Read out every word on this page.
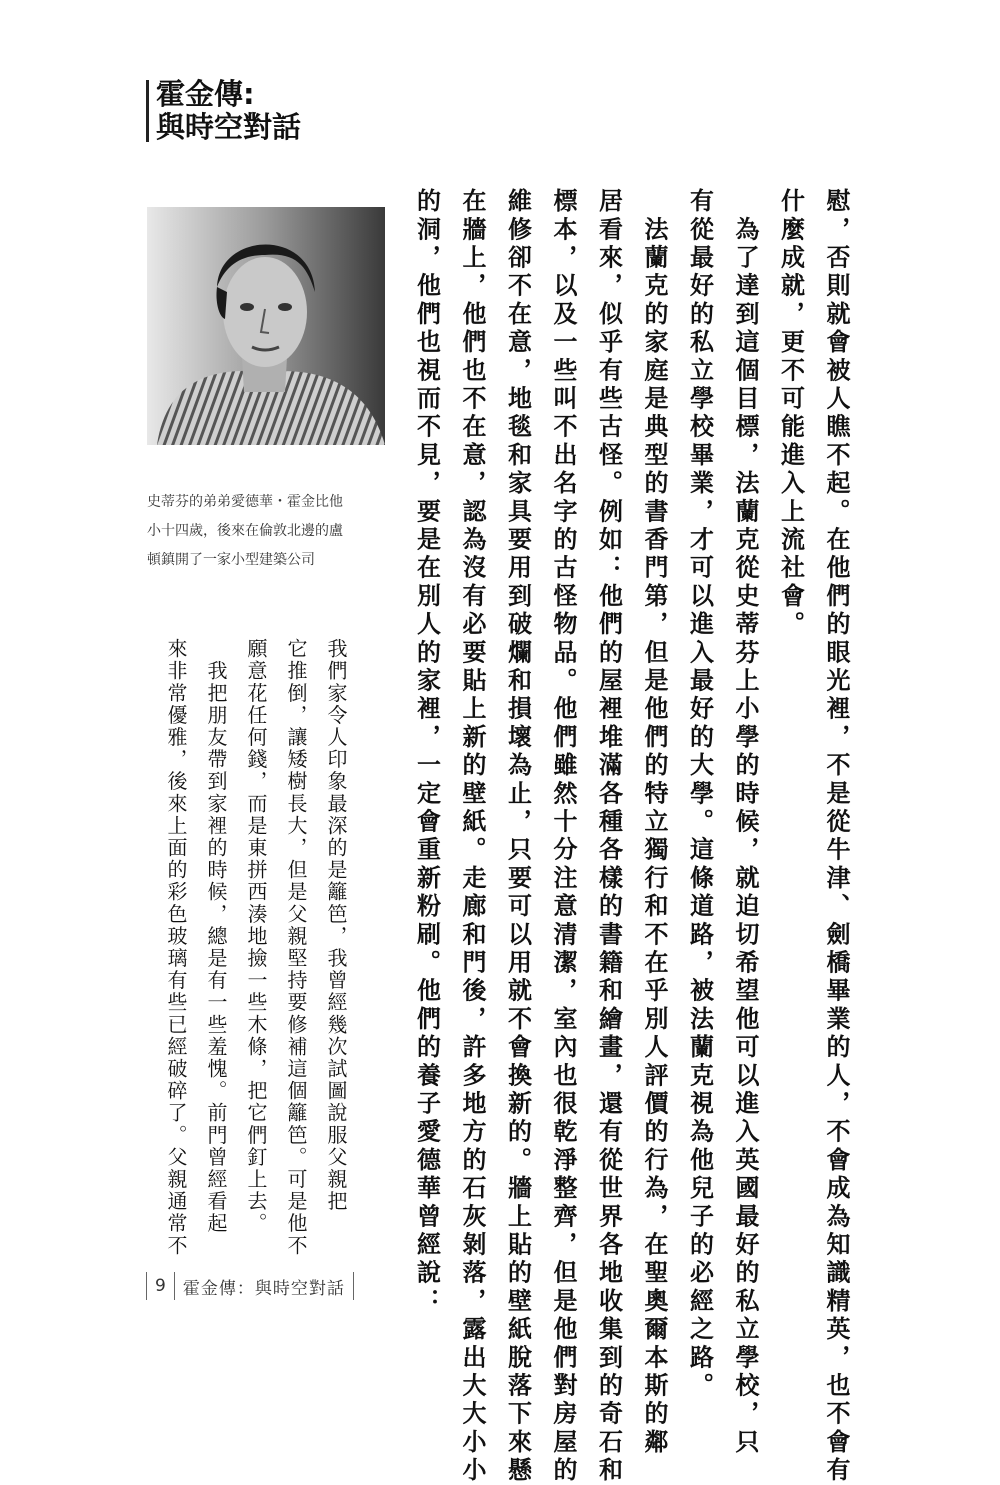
霍金傳:
與時空對話
史蒂芬的弟弟愛德華・霍金比他
小十四歲，後來在倫敦北邊的盧
頓鎮開了一家小型建築公司	慰，否則就會被人瞧不起。在他們的眼光裡，不是從牛津、劍橋畢業的人，不會成為知識精英，也不會有
什麼成就，更不可能進入上流社會。
　為了達到這個目標，法蘭克從史蒂芬上小學的時候，就迫切希望他可以進入英國最好的私立學校，只
有從最好的私立學校畢業，才可以進入最好的大學。這條道路，被法蘭克視為他兒子的必經之路。
　法蘭克的家庭是典型的書香門第，但是他們的特立獨行和不在乎別人評價的行為，在聖奧爾本斯的鄰
居看來，似乎有些古怪。例如：他們的屋裡堆滿各種各樣的書籍和繪畫，還有從世界各地收集到的奇石和
標本，以及一些叫不出名字的古怪物品。他們雖然十分注意清潔，室內也很乾淨整齊，但是他們對房屋的
維修卻不在意，地毯和家具要用到破爛和損壞為止，只要可以用就不會換新的。牆上貼的壁紙脫落下來懸
在牆上，他們也不在意，認為沒有必要貼上新的壁紙。走廊和門後，許多地方的石灰剝落，露出大大小小
的洞，他們也視而不見，要是在別人的家裡，一定會重新粉刷。他們的養子愛德華曾經說：
我們家令人印象最深的是籬笆，我曾經幾次試圖說服父親把
它推倒，讓矮樹長大，但是父親堅持要修補這個籬笆。可是他不
願意花任何錢，而是東拼西湊地撿一些木條，把它們釘上去。
　我把朋友帶到家裡的時候，總是有一些羞愧。前門曾經看起
來非常優雅，後來上面的彩色玻璃有些已經破碎了。父親通常不
9	霍金傳：與時空對話
